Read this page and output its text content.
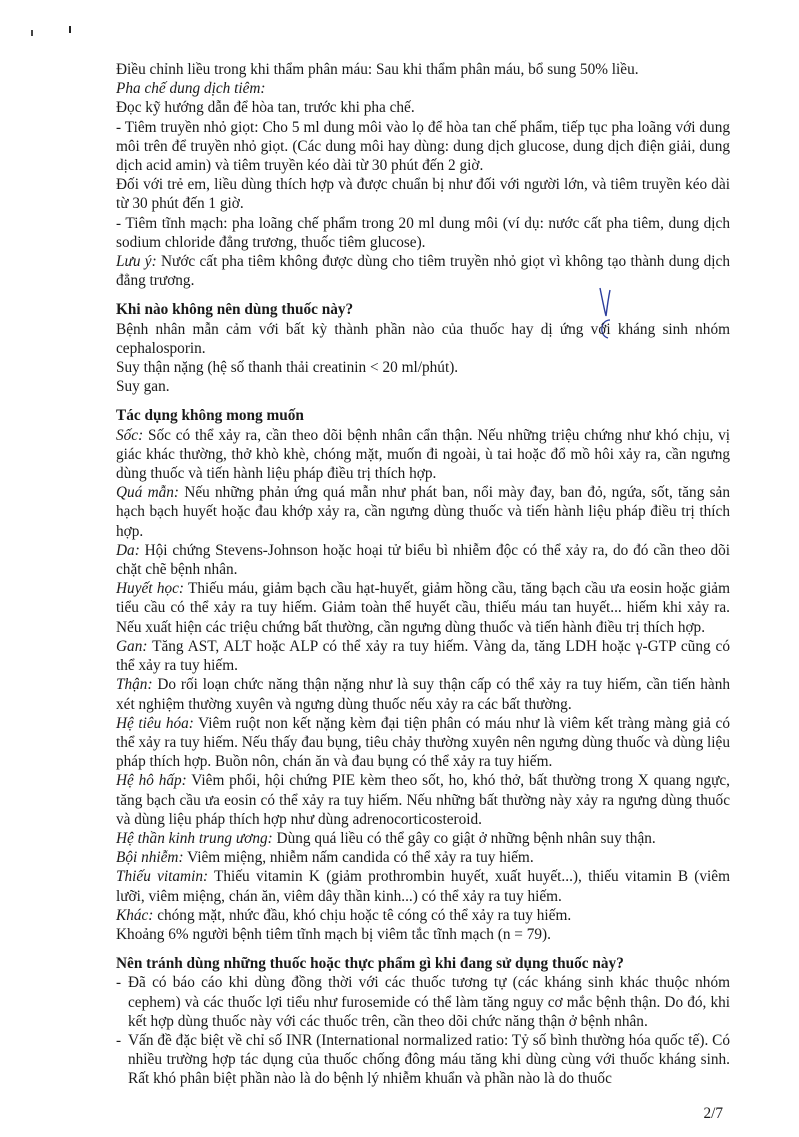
Điều chỉnh liều trong khi thẩm phân máu: Sau khi thẩm phân máu, bổ sung 50% liều.

Pha chế dung dịch tiêm:

Đọc kỹ hướng dẫn để hòa tan, trước khi pha chế.

- Tiêm truyền nhỏ giọt: Cho 5 ml dung môi vào lọ để hòa tan chế phẩm, tiếp tục pha loãng với dung môi trên để truyền nhỏ giọt. (Các dung môi hay dùng: dung dịch glucose, dung dịch điện giải, dung dịch acid amin) và tiêm truyền kéo dài từ 30 phút đến 2 giờ.

Đối với trẻ em, liều dùng thích hợp và được chuẩn bị như đối với người lớn, và tiêm truyền kéo dài từ 30 phút đến 1 giờ.

- Tiêm tĩnh mạch: pha loãng chế phẩm trong 20 ml dung môi (ví dụ: nước cất pha tiêm, dung dịch sodium chloride đẳng trương, thuốc tiêm glucose).

Lưu ý: Nước cất pha tiêm không được dùng cho tiêm truyền nhỏ giọt vì không tạo thành dung dịch đẳng trương.

Khi nào không nên dùng thuốc này?

Bệnh nhân mẫn cảm với bất kỳ thành phần nào của thuốc hay dị ứng với kháng sinh nhóm cephalosporin.

Suy thận nặng (hệ số thanh thải creatinin < 20 ml/phút).

Suy gan.

Tác dụng không mong muốn

Sốc: Sốc có thể xảy ra, cần theo dõi bệnh nhân cẩn thận. Nếu những triệu chứng như khó chịu, vị giác khác thường, thở khò khè, chóng mặt, muốn đi ngoài, ù tai hoặc đổ mồ hôi xảy ra, cần ngưng dùng thuốc và tiến hành liệu pháp điều trị thích hợp.

Quá mẫn: Nếu những phản ứng quá mẫn như phát ban, nổi mày đay, ban đỏ, ngứa, sốt, tăng sản hạch bạch huyết hoặc đau khớp xảy ra, cần ngưng dùng thuốc và tiến hành liệu pháp điều trị thích hợp.

Da: Hội chứng Stevens-Johnson hoặc hoại tử biểu bì nhiễm độc có thể xảy ra, do đó cần theo dõi chặt chẽ bệnh nhân.

Huyết học: Thiếu máu, giảm bạch cầu hạt-huyết, giảm hồng cầu, tăng bạch cầu ưa eosin hoặc giảm tiểu cầu có thể xảy ra tuy hiếm. Giảm toàn thể huyết cầu, thiếu máu tan huyết... hiếm khi xảy ra. Nếu xuất hiện các triệu chứng bất thường, cần ngưng dùng thuốc và tiến hành điều trị thích hợp.

Gan: Tăng AST, ALT hoặc ALP có thể xảy ra tuy hiếm. Vàng da, tăng LDH hoặc γ-GTP cũng có thể xảy ra tuy hiếm.

Thận: Do rối loạn chức năng thận nặng như là suy thận cấp có thể xảy ra tuy hiếm, cần tiến hành xét nghiệm thường xuyên và ngưng dùng thuốc nếu xảy ra các bất thường.

Hệ tiêu hóa: Viêm ruột non kết nặng kèm đại tiện phân có máu như là viêm kết tràng màng giả có thể xảy ra tuy hiếm. Nếu thấy đau bụng, tiêu chảy thường xuyên nên ngưng dùng thuốc và dùng liệu pháp thích hợp. Buồn nôn, chán ăn và đau bụng có thể xảy ra tuy hiếm.

Hệ hô hấp: Viêm phổi, hội chứng PIE kèm theo sốt, ho, khó thở, bất thường trong X quang ngực, tăng bạch cầu ưa eosin có thể xảy ra tuy hiếm. Nếu những bất thường này xảy ra ngưng dùng thuốc và dùng liệu pháp thích hợp như dùng adrenocorticosteroid.

Hệ thần kinh trung ương: Dùng quá liều có thể gây co giật ở những bệnh nhân suy thận.

Bội nhiễm: Viêm miệng, nhiễm nấm candida có thể xảy ra tuy hiếm.

Thiếu vitamin: Thiếu vitamin K (giảm prothrombin huyết, xuất huyết...), thiếu vitamin B (viêm lưỡi, viêm miệng, chán ăn, viêm dây thần kinh...) có thể xảy ra tuy hiếm.

Khác: chóng mặt, nhức đầu, khó chịu hoặc tê cóng có thể xảy ra tuy hiếm.

Khoảng 6% người bệnh tiêm tĩnh mạch bị viêm tắc tĩnh mạch (n = 79).

Nên tránh dùng những thuốc hoặc thực phẩm gì khi đang sử dụng thuốc này?

- Đã có báo cáo khi dùng đồng thời với các thuốc tương tự (các kháng sinh khác thuộc nhóm cephem) và các thuốc lợi tiểu như furosemide có thể làm tăng nguy cơ mắc bệnh thận. Do đó, khi kết hợp dùng thuốc này với các thuốc trên, cần theo dõi chức năng thận ở bệnh nhân.
- Vấn đề đặc biệt về chỉ số INR (International normalized ratio: Tỷ số bình thường hóa quốc tế). Có nhiều trường hợp tác dụng của thuốc chống đông máu tăng khi dùng cùng với thuốc kháng sinh. Rất khó phân biệt phần nào là do bệnh lý nhiễm khuẩn và phần nào là do thuốc
2/7
